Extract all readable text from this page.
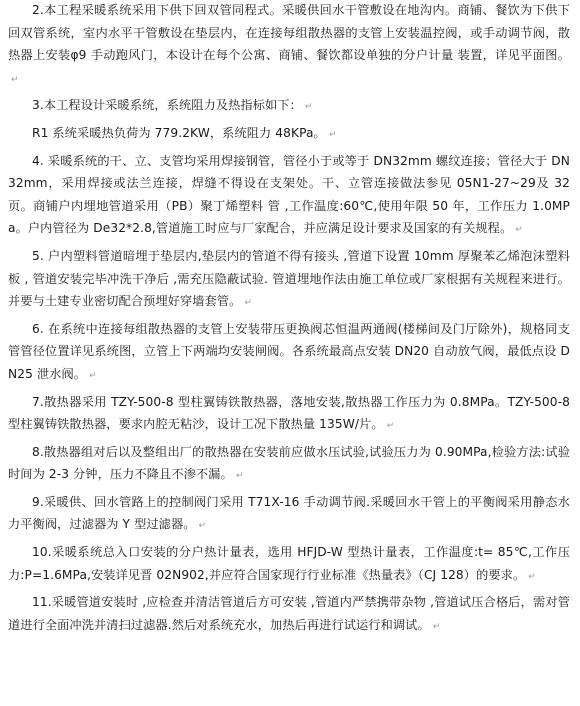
2.本工程采暖系统采用下供下回双管同程式。采暖供回水干管敷设在地沟内。商铺、餐饮为下供下回双管系统，室内水平干管敷设在垫层内，在连接每组散热器的支管上安装温控阀，或手动调节阀，散热器上安装φ9 手动跑风门，本设计在每个公寓、商铺、餐饮都设单独的分户计量 装置，详见平面图。↵

3.本工程设计采暖系统，系统阻力及热指标如下： ↵

R1 系统采暖热负荷为 779.2KW，系统阻力 48KPa。 ↵

4. 采暖系统的干、立、支管均采用焊接钢管，管径小于或等于 DN32mm 螺纹连接；管径大于 DN32mm，采用焊接或法兰连接，焊缝不得设在支架处。干、立管连接做法参见 05N1-27~29及 32 页。商铺户内埋地管道采用（PB）聚丁烯塑料 管 ,工作温度:60℃,使用年限 50 年，工作压力 1.0MPa。户内管径为 De32*2.8,管道施工时应与厂家配合，并应满足设计要求及国家的有关规程。 ↵

5. 户内塑料管道暗埋于垫层内,垫层内的管道不得有接头 ,管道下设置 10mm 厚聚苯乙烯泡沫塑料板 , 管道安装完毕冲洗干净后 ,需充压隐蔽试验. 管道埋地作法由施工单位或厂家根据有关规程来进行。并要与土建专业密切配合预埋好穿墙套管。 ↵

6. 在系统中连接每组散热器的支管上安装带压更换阀芯恒温两通阀(楼梯间及门厅除外)，规格同支管管径位置详见系统图，立管上下两端均安装闸阀。各系统最高点安装 DN20 自动放气阀，最低点设 DN25 泄水阀。 ↵

7.散热器采用 TZY-500-8 型柱翼铸铁散热器，落地安装,散热器工作压力为 0.8MPa。TZY-500-8 型柱翼铸铁散热器，要求内腔无粘沙，设计工况下散热量 135W/片。 ↵

8.散热器组对后以及整组出厂的散热器在安装前应做水压试验,试验压力为 0.90MPa,检验方法:试验时间为 2-3 分钟，压力不降且不渗不漏。 ↵

9.采暖供、回水管路上的控制阀门采用 T71X-16 手动调节阀.采暖回水干管上的平衡阀采用静态水力平衡阀，过滤器为 Y 型过滤器。 ↵

10.采暖系统总入口安装的分户热计量表，选用 HFJD-W 型热计量表，工作温度:t= 85℃,工作压力:P=1.6MPa,安装详见晋 02N902,并应符合国家现行行业标准《热量表》（CJ 128）的要求。 ↵

11.采暖管道安装时 ,应检查并清洁管道后方可安装 ,管道内严禁携带杂物 ,管道试压合格后，需对管道进行全面冲洗并清扫过滤器.然后对系统充水，加热后再进行试运行和调试。 ↵
